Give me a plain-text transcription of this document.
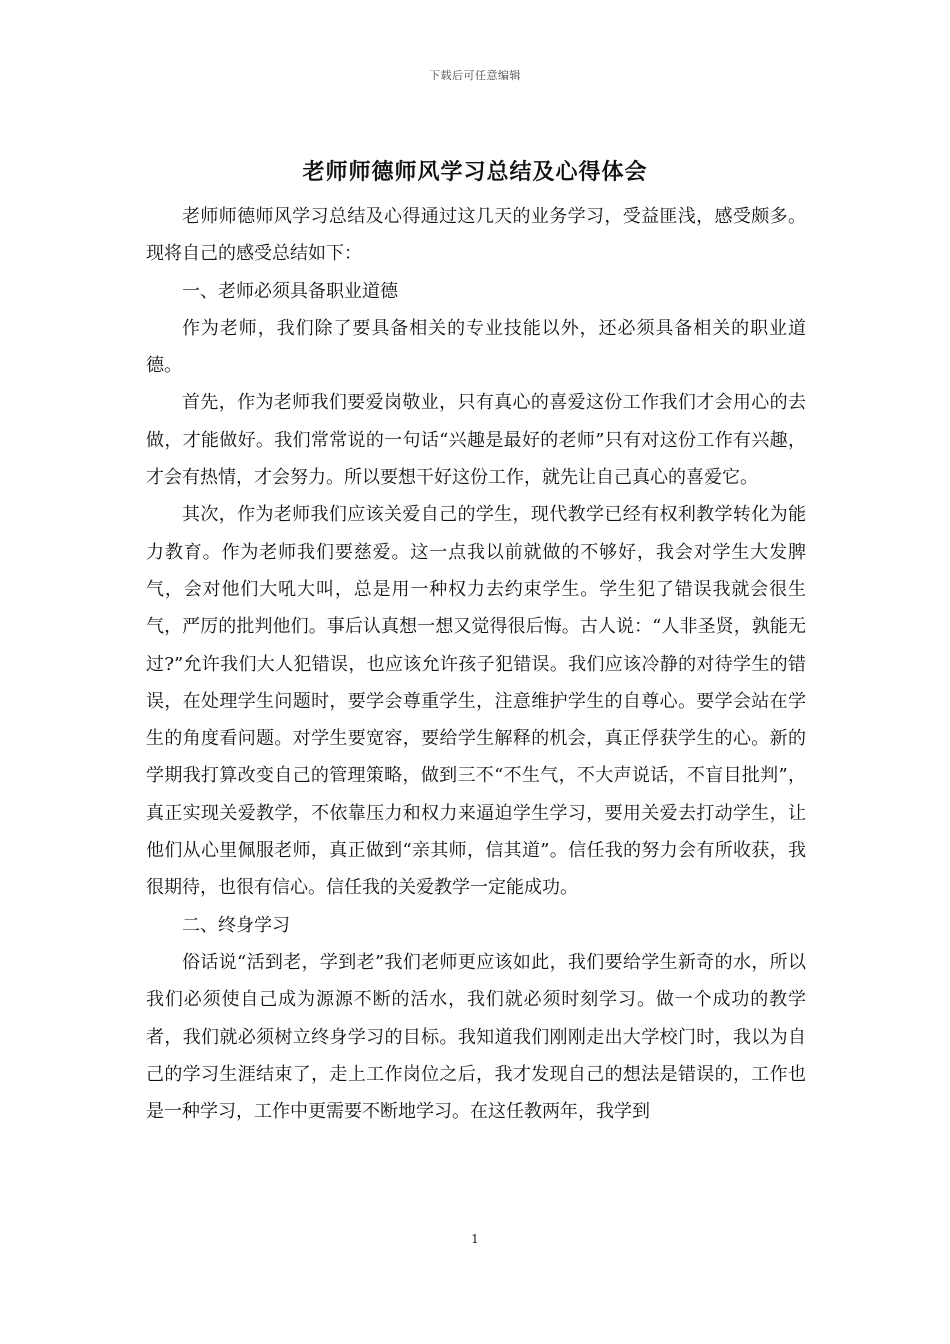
下载后可任意编辑
老师师德师风学习总结及心得体会

老师师德师风学习总结及心得通过这几天的业务学习，受益匪浅，感受颇多。现将自己的感受总结如下：

一、老师必须具备职业道德

作为老师，我们除了要具备相关的专业技能以外，还必须具备相关的职业道德。

首先，作为老师我们要爱岗敬业，只有真心的喜爱这份工作我们才会用心的去做，才能做好。我们常常说的一句话“兴趣是最好的老师”只有对这份工作有兴趣，才会有热情，才会努力。所以要想干好这份工作，就先让自己真心的喜爱它。

其次，作为老师我们应该关爱自己的学生，现代教学已经有权利教学转化为能力教育。作为老师我们要慈爱。这一点我以前就做的不够好，我会对学生大发脾气，会对他们大吼大叫，总是用一种权力去约束学生。学生犯了错误我就会很生气，严厉的批判他们。事后认真想一想又觉得很后悔。古人说：“人非圣贤，孰能无过?”允许我们大人犯错误，也应该允许孩子犯错误。我们应该冷静的对待学生的错误，在处理学生问题时，要学会尊重学生，注意维护学生的自尊心。要学会站在学生的角度看问题。对学生要宽容，要给学生解释的机会，真正俘获学生的心。新的学期我打算改变自己的管理策略，做到三不“不生气，不大声说话，不盲目批判”，真正实现关爱教学，不依靠压力和权力来逼迫学生学习，要用关爱去打动学生，让他们从心里佩服老师，真正做到“亲其师，信其道”。信任我的努力会有所收获，我很期待，也很有信心。信任我的关爱教学一定能成功。

二、终身学习

俗话说“活到老，学到老”我们老师更应该如此，我们要给学生新奇的水，所以我们必须使自己成为源源不断的活水，我们就必须时刻学习。做一个成功的教学者，我们就必须树立终身学习的目标。我知道我们刚刚走出大学校门时，我以为自己的学习生涯结束了，走上工作岗位之后，我才发现自己的想法是错误的，工作也是一种学习，工作中更需要不断地学习。在这任教两年，我学到

1
